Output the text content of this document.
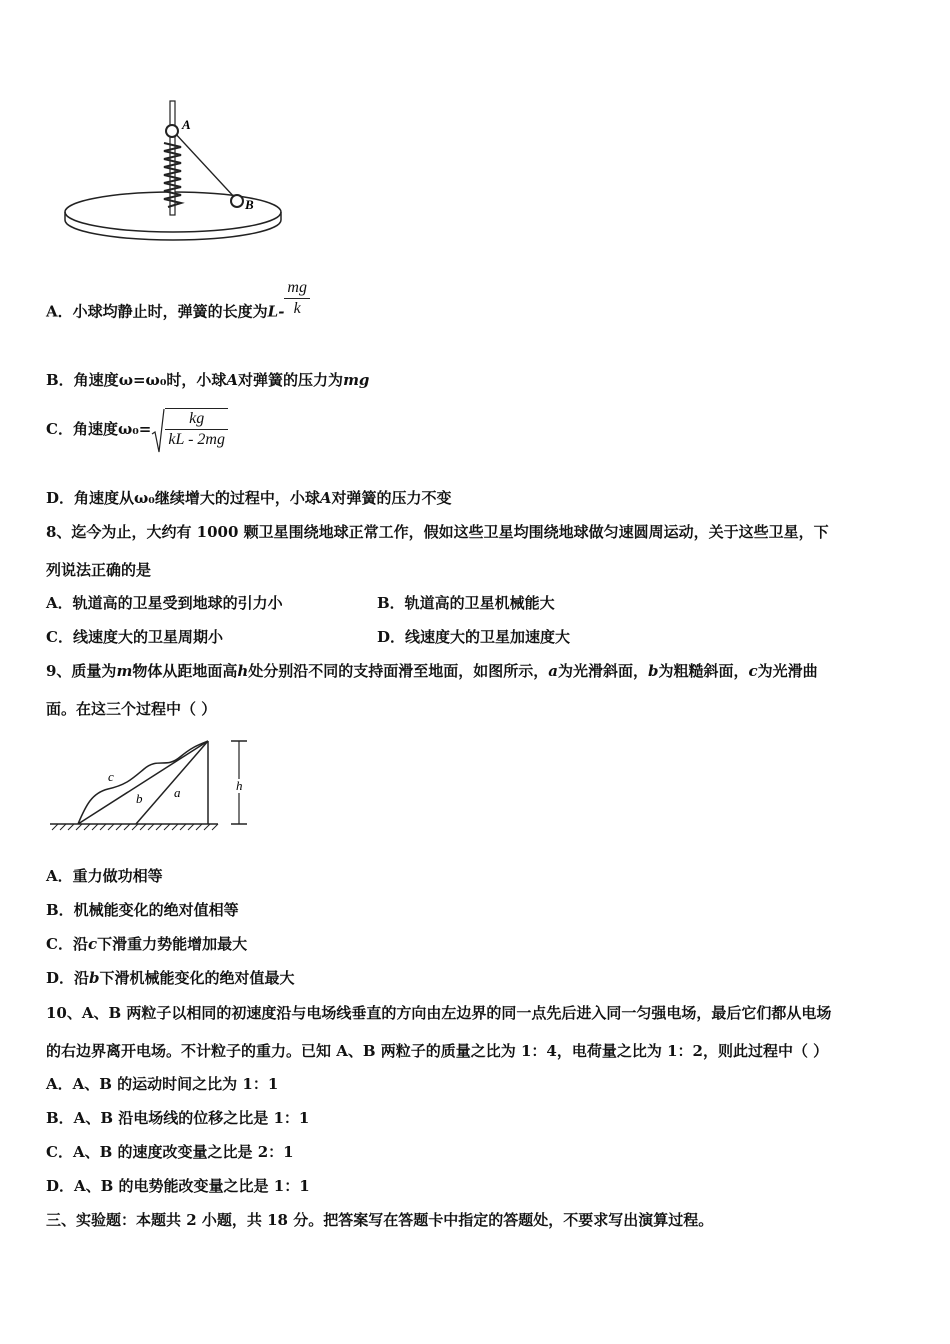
A
B
A．小球均静止时，弹簧的长度为$L- \frac{mg}{k}$
B．角速度ω=ω₀时，小球A对弹簧的压力为mg
C．角速度$\omega_0= \frac{kg}{kL - 2mg}$
D．角速度从ω₀继续增大的过程中，小球A对弹簧的压力不变
8、迄今为止，大约有 1000 颗卫星围绕地球正常工作，假如这些卫星均围绕地球做匀速圆周运动，关于这些卫星，下
列说法正确的是
A．轨道高的卫星受到地球的引力小	B．轨道高的卫星机械能大
C．线速度大的卫星周期小	D．线速度大的卫星加速度大
9、质量为m物体从距地面高h处分别沿不同的支持面滑至地面，如图所示，a为光滑斜面，b为粗糙斜面，c为光滑曲
面。在这三个过程中（ ）
c
b a	h
A．重力做功相等
B．机械能变化的绝对值相等
C．沿c下滑重力势能增加最大
D．沿b下滑机械能变化的绝对值最大
10、A、B 两粒子以相同的初速度沿与电场线垂直的方向由左边界的同一点先后进入同一匀强电场，最后它们都从电场
的右边界离开电场。不计粒子的重力。已知 A、B 两粒子的质量之比为 1：4，电荷量之比为 1：2，则此过程中（ ）
A．A、B 的运动时间之比为 1：1
B．A、B 沿电场线的位移之比是 1：1
C．A、B 的速度改变量之比是 2：1
D．A、B 的电势能改变量之比是 1：1
三、实验题：本题共 2 小题，共 18 分。把答案写在答题卡中指定的答题处，不要求写出演算过程。
